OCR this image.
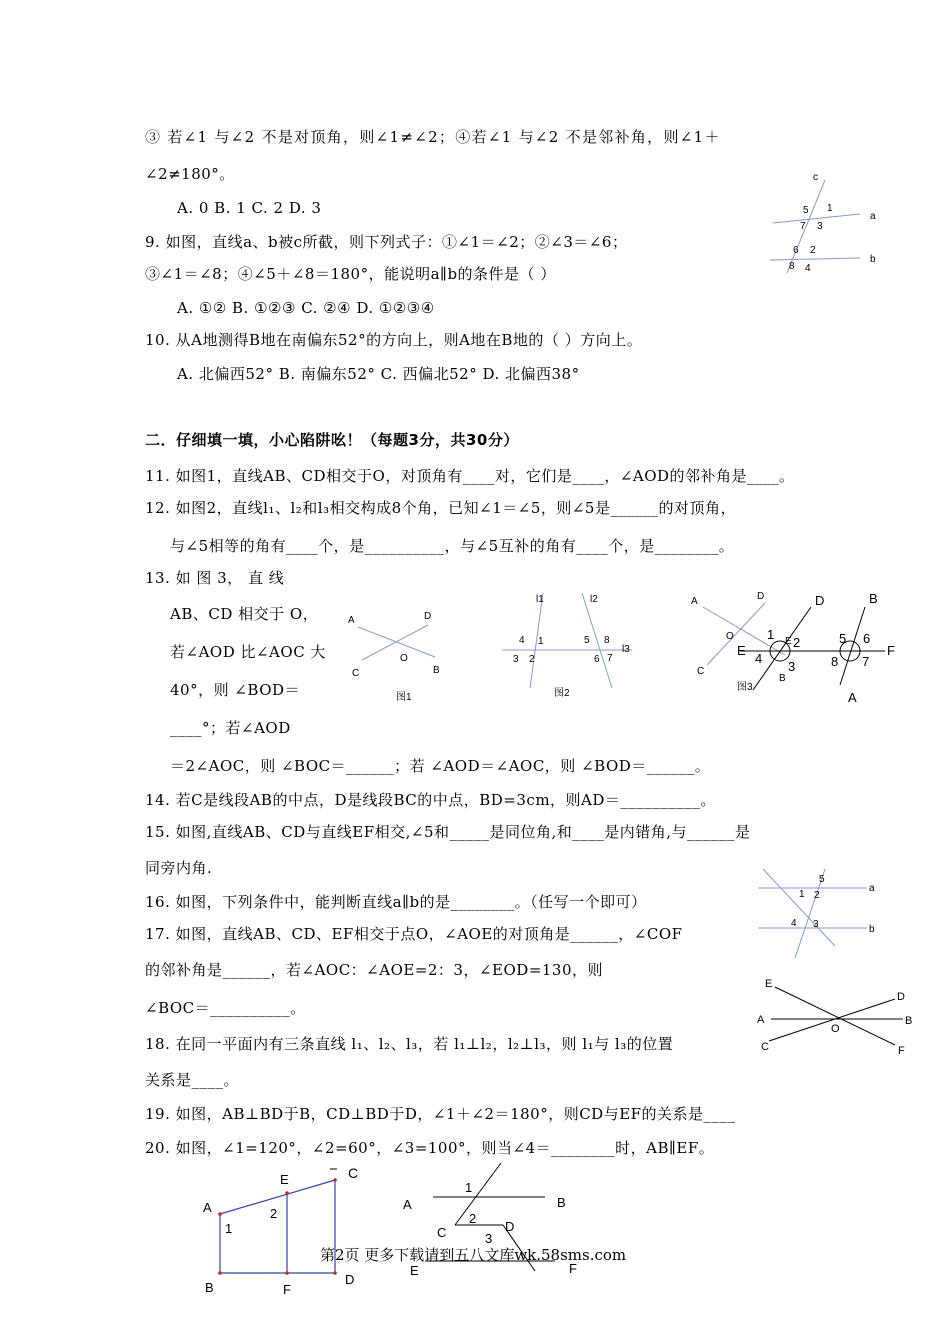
③ 若∠1 与∠2 不是对顶角，则∠1≠∠2；④若∠1 与∠2 不是邻补角，则∠1＋
∠2≠180°。
A. 0 B. 1 C. 2 D. 3
9. 如图，直线a、b被c所截，则下列式子：①∠1＝∠2；②∠3＝∠6；
③∠1＝∠8；④∠5＋∠8＝180°，能说明a∥b的条件是（ ）
A. ①② B. ①②③ C. ②④ D. ①②③④
10. 从A地测得B地在南偏东52°的方向上，则A地在B地的（ ）方向上。
A. 北偏西52° B. 南偏东52° C. 西偏北52° D. 北偏西38°
二．仔细填一填，小心陷阱吆！（每题3分，共30分）
11. 如图1，直线AB、CD相交于O，对顶角有____对，它们是____，∠AOD的邻补角是____。
12. 如图2，直线l₁、l₂和l₃相交构成8个角，已知∠1＝∠5，则∠5是______的对顶角，
与∠5相等的角有____个，是__________，与∠5互补的角有____个，是________。
13. 如 图 3， 直 线
AB、CD 相交于 O，
若∠AOD 比∠AOC 大
40°，则 ∠BOD＝
____°；若∠AOD
＝2∠AOC，则 ∠BOC＝______；若 ∠AOD＝∠AOC，则 ∠BOD＝______。
14. 若C是线段AB的中点，D是线段BC的中点，BD=3cm，则AD＝__________。
15. 如图,直线AB、CD与直线EF相交,∠5和_____是同位角,和____是内错角,与______是
同旁内角.
16. 如图，下列条件中，能判断直线a∥b的是________。（任写一个即可）
17. 如图，直线AB、CD、EF相交于点O，∠AOE的对顶角是______，∠COF
的邻补角是______，若∠AOC：∠AOE=2：3，∠EOD=130，则
∠BOC＝__________。
18. 在同一平面内有三条直线 l₁、l₂、l₃，若 l₁⊥l₂，l₂⊥l₃，则 l₁与 l₃的位置
关系是____。
19. 如图，AB⊥BD于B，CD⊥BD于D，∠1＋∠2＝180°，则CD与EF的关系是____
20. 如图，∠1=120°，∠2=60°，∠3=100°，则当∠4＝________时，AB∥EF。
c
a
b
5 1
7 3
6 2
8 4
A	D
O
C	B
图1
l1	l2
l3
4 1	5 8
3 2	6 7
图2
A	D
O
C
B
E
图3
D	B
1
E
2
4
3
5 6
8 7
F
A
5
1 2
4 3
a
b
E
D
A
O
B
C	F
E	C
A
1
2
B	F
D
1
A	B
2
C	D
3
E	F
第2页 更多下载请到五八文库wk.58sms.com
